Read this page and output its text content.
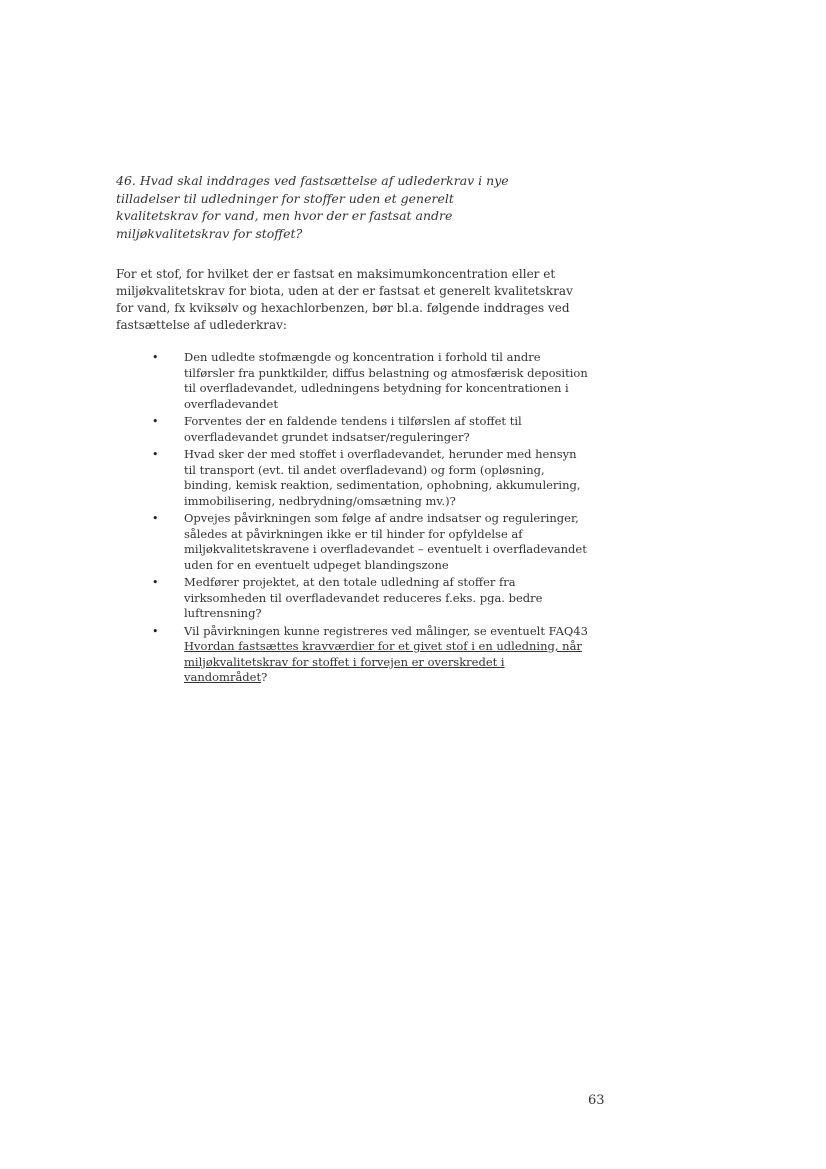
46. Hvad skal inddrages ved fastsættelse af udlederkrav i nye tilladelser til udledninger for stoffer uden et generelt kvalitetskrav for vand, men hvor der er fastsat andre miljøkvalitetskrav for stoffet?
For et stof, for hvilket der er fastsat en maksimumkoncentration eller et miljøkvalitetskrav for biota, uden at der er fastsat et generelt kvalitetskrav for vand, fx kviksølv og hexachlorbenzen, bør bl.a. følgende inddrages ved fastsættelse af udlederkrav:
• Den udledte stofmængde og koncentration i forhold til andre tilførsler fra punktkilder, diffus belastning og atmosfærisk deposition til overfladevandet, udledningens betydning for koncentrationen i overfladevandet
• Forventes der en faldende tendens i tilførslen af stoffet til overfladevandet grundet indsatser/reguleringer?
• Hvad sker der med stoffet i overfladevandet, herunder med hensyn til transport (evt. til andet overfladevand) og form (opløsning, binding, kemisk reaktion, sedimentation, ophobning, akkumulering, immobilisering, nedbrydning/omsætning mv.)?
• Opvejes påvirkningen som følge af andre indsatser og reguleringer, således at påvirkningen ikke er til hinder for opfyldelse af miljøkvalitetskravene i overfladevandet – eventuelt i overfladevandet uden for en eventuelt udpeget blandingszone
• Medfører projektet, at den totale udledning af stoffer fra virksomheden til overfladevandet reduceres f.eks. pga. bedre luftrensning?
• Vil påvirkningen kunne registreres ved målinger, se eventuelt FAQ43 Hvordan fastsættes kravværdier for et givet stof i en udledning, når miljøkvalitetskrav for stoffet i forvejen er overskredet i vandområdet?
63
